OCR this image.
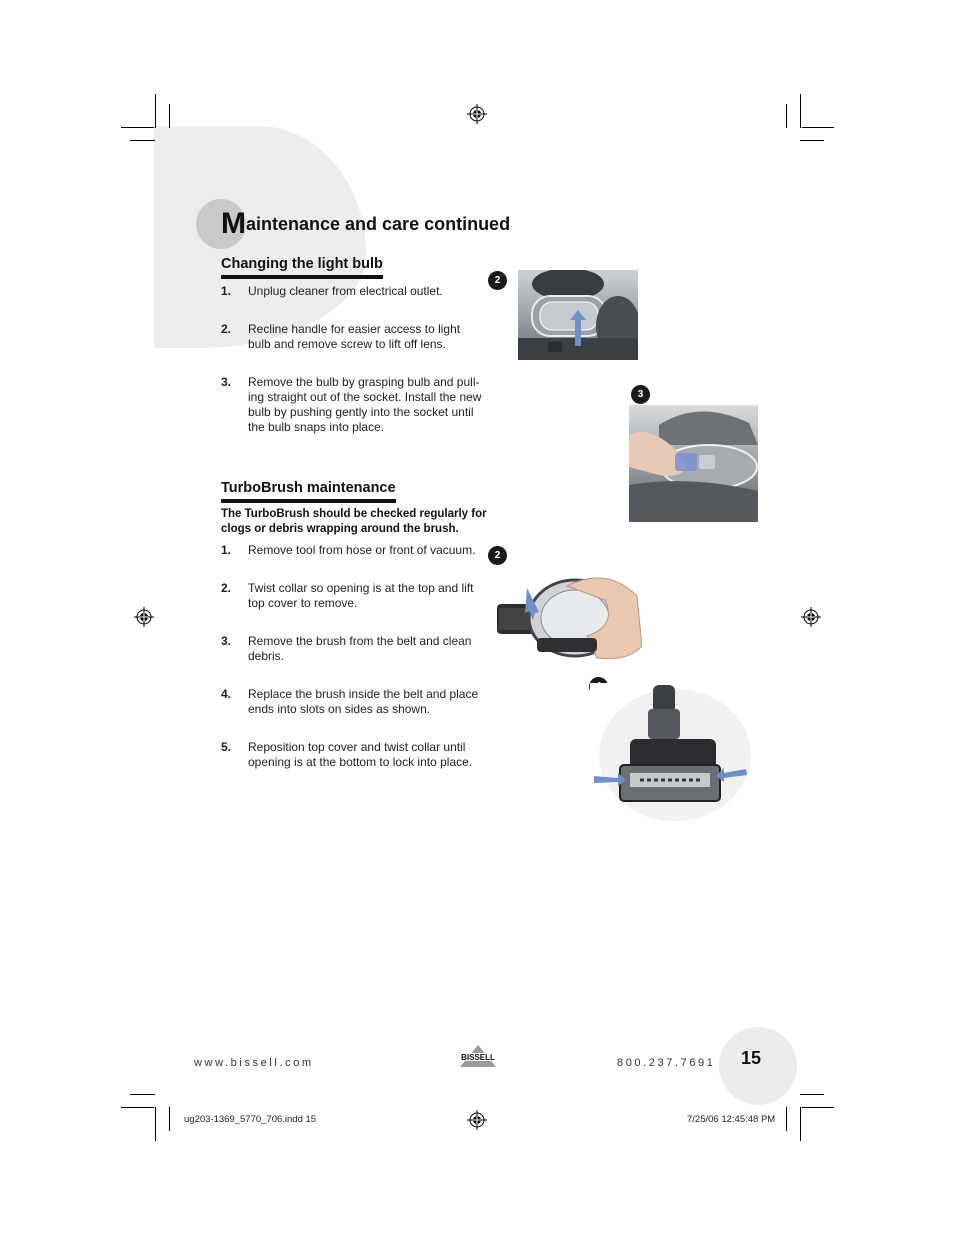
Maintenance and care continued
Changing the light bulb
1. Unplug cleaner from electrical outlet.
2. Recline handle for easier access to light bulb and remove screw to lift off lens.
3. Remove the bulb by grasping bulb and pull-ing straight out of the socket. Install the new bulb by pushing gently into the socket until the bulb snaps into place.
TurboBrush maintenance
The TurboBrush should be checked regularly for clogs or debris wrapping around the brush.
1. Remove tool from hose or front of vacuum.
2. Twist collar so opening is at the top and lift top cover to remove.
3. Remove the brush from the belt and clean debris.
4. Replace the brush inside the belt and place ends into slots on sides as shown.
5. Reposition top cover and twist collar until opening is at the bottom to lock into place.
2
3
2
www.bissell.com	BISSELL	800.237.7691 15
ug203-1369_5770_706.indd 15	7/25/06 12:45:48 PM
